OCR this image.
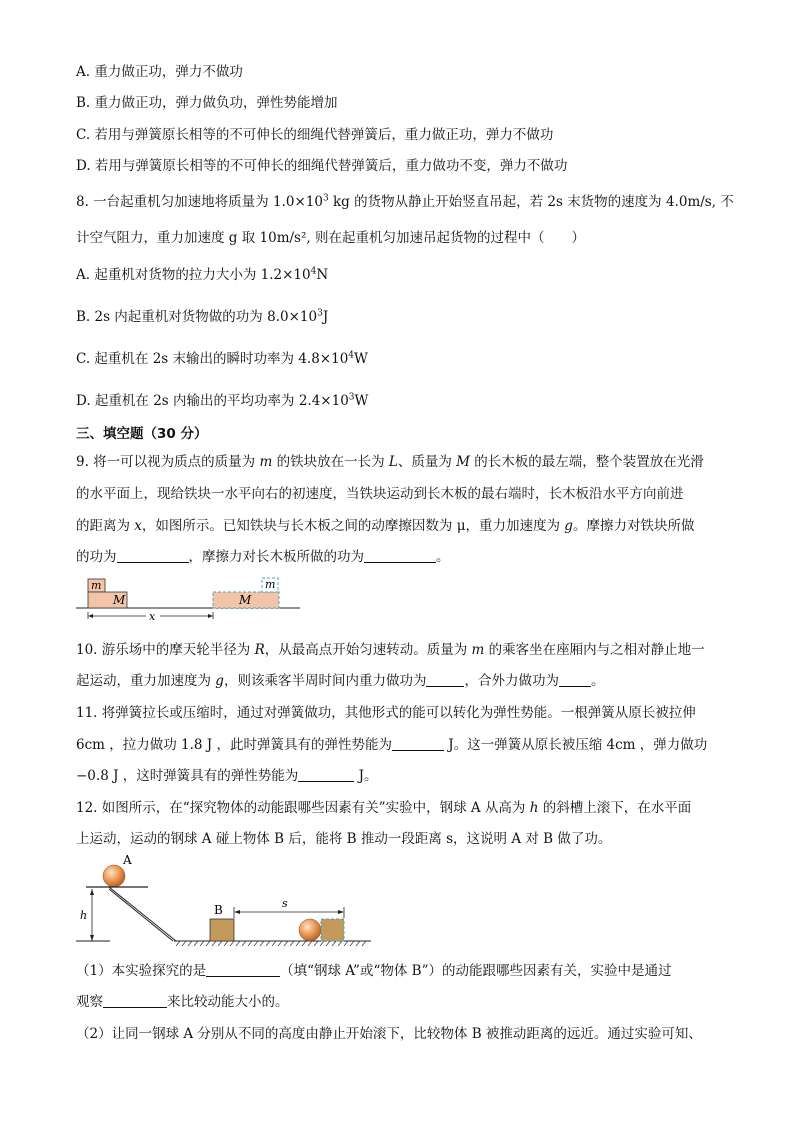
A. 重力做正功，弹力不做功
B. 重力做正功，弹力做负功，弹性势能增加
C. 若用与弹簧原长相等的不可伸长的细绳代替弹簧后，重力做正功，弹力不做功
D. 若用与弹簧原长相等的不可伸长的细绳代替弹簧后，重力做功不变，弹力不做功
8. 一台起重机匀加速地将质量为 $1.0\times 10^3$ kg 的货物从静止开始竖直吊起，若 2s 末货物的速度为 4.0m/s, 不
计空气阻力，重力加速度 g 取 10m/s², 则在起重机匀加速吊起货物的过程中（　　）
A. 起重机对货物的拉力大小为 $1.2\times 10^4N$
B. 2s 内起重机对货物做的功为 $8.0\times 10^3J$
C. 起重机在 2s 末输出的瞬时功率为 $4.8\times 10^4W$
D. 起重机在 2s 内输出的平均功率为 $2.4\times 10^3W$
三、填空题（30 分）
9. 将一可以视为质点的质量为 m 的铁块放在一长为 L、质量为 M 的长木板的最左端，整个装置放在光滑
的水平面上，现给铁块一水平向右的初速度，当铁块运动到长木板的最右端时，长木板沿水平方向前进
的距离为 x，如图所示。已知铁块与长木板之间的动摩擦因数为 μ，重力加速度为 g。摩擦力对铁块所做
的功为	，摩擦力对长木板所做的功为	。
m
M	M
m
x
10. 游乐场中的摩天轮半径为 R，从最高点开始匀速转动。质量为 m 的乘客坐在座厢内与之相对静止地一
起运动，重力加速度为 g，则该乘客半周时间内重力做功为	，合外力做功为 。
11. 将弹簧拉长或压缩时，通过对弹簧做功，其他形式的能可以转化为弹性势能。一根弹簧从原长被拉伸
6cm ，拉力做功 1.8 J ，此时弹簧具有的弹性势能为	J。这一弹簧从原长被压缩 4cm ，弹力做功
−0.8 J ，这时弹簧具有的弹性势能为	J。
12. 如图所示，在“探究物体的动能跟哪些因素有关”实验中，钢球 A 从高为 h 的斜槽上滚下，在水平面
上运动，运动的钢球 A 碰上物体 B 后，能将 B 推动一段距离 s，这说明 A 对 B 做了功。
A
h	B	s
（1）本实验探究的是	（填“钢球 A”或“物体 B”）的动能跟哪些因素有关，实验中是通过
观察	来比较动能大小的。
（2）让同一钢球 A 分别从不同的高度由静止开始滚下，比较物体 B 被推动距离的远近。通过实验可知、
